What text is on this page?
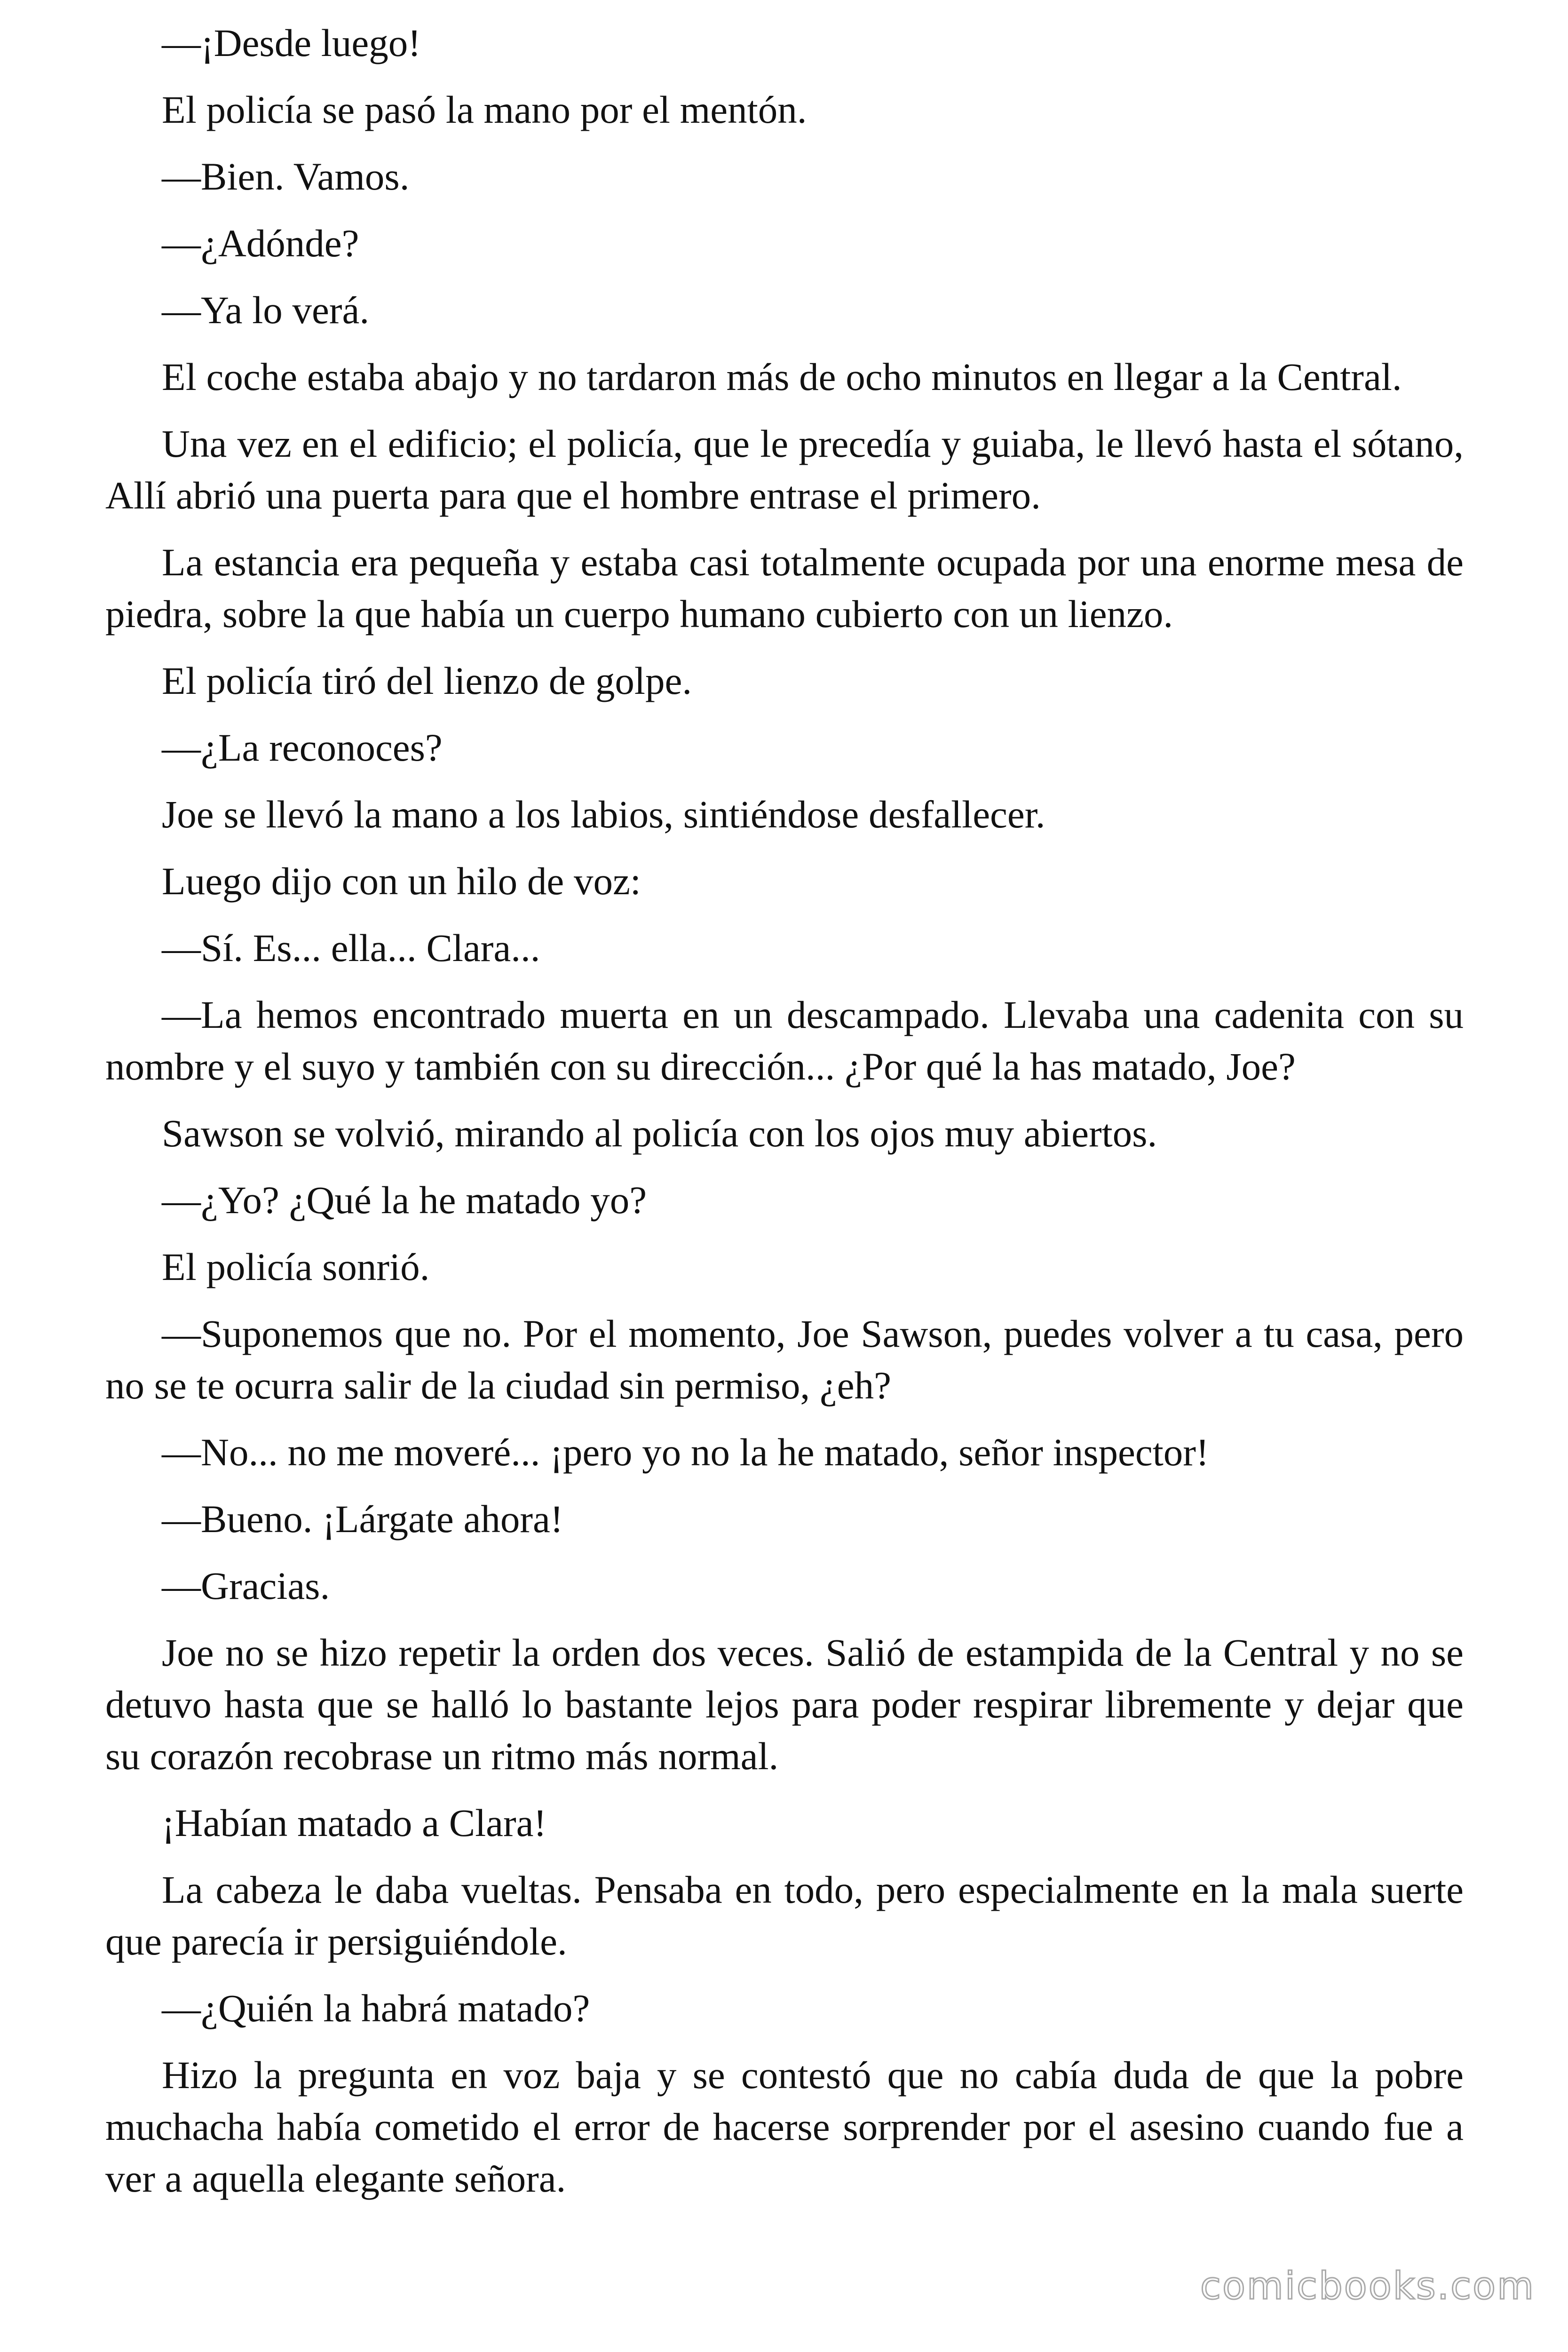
—¡Desde luego!

El policía se pasó la mano por el mentón.

—Bien. Vamos.

—¿Adónde?

—Ya lo verá.

El coche estaba abajo y no tardaron más de ocho minutos en llegar a la Central.

Una vez en el edificio; el policía, que le precedía y guiaba, le llevó hasta el sótano, Allí abrió una puerta para que el hombre entrase el primero.

La estancia era pequeña y estaba casi totalmente ocupada por una enorme mesa de piedra, sobre la que había un cuerpo humano cubierto con un lienzo.

El policía tiró del lienzo de golpe.

—¿La reconoces?

Joe se llevó la mano a los labios, sintiéndose desfallecer.

Luego dijo con un hilo de voz:

—Sí. Es... ella... Clara...

—La hemos encontrado muerta en un descampado. Llevaba una cadenita con su nombre y el suyo y también con su dirección... ¿Por qué la has matado, Joe?

Sawson se volvió, mirando al policía con los ojos muy abiertos.

—¿Yo? ¿Qué la he matado yo?

El policía sonrió.

—Suponemos que no. Por el momento, Joe Sawson, puedes volver a tu casa, pero no se te ocurra salir de la ciudad sin permiso, ¿eh?

—No... no me moveré... ¡pero yo no la he matado, señor inspector!

—Bueno. ¡Lárgate ahora!

—Gracias.

Joe no se hizo repetir la orden dos veces. Salió de estampida de la Central y no se detuvo hasta que se halló lo bastante lejos para poder respirar libremente y dejar que su corazón recobrase un ritmo más normal.

¡Habían matado a Clara!

La cabeza le daba vueltas. Pensaba en todo, pero especialmente en la mala suerte que parecía ir persiguiéndole.

—¿Quién la habrá matado?

Hizo la pregunta en voz baja y se contestó que no cabía duda de que la pobre muchacha había cometido el error de hacerse sorprender por el asesino cuando fue a ver a aquella elegante señora.

comicbooks.com
